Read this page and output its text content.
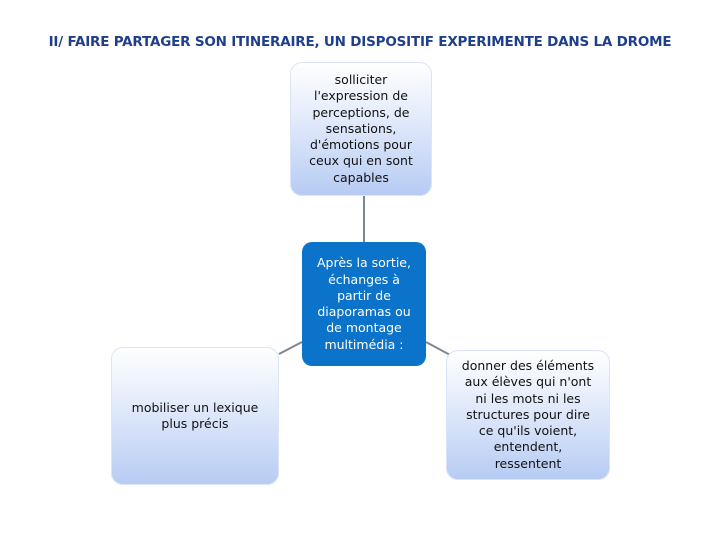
II/ FAIRE PARTAGER SON ITINERAIRE, UN DISPOSITIF EXPERIMENTE DANS LA DROME
solliciter
l'expression de
perceptions, de
sensations,
d'émotions pour
ceux qui en sont
capables
Après la sortie,
échanges à
partir de
diaporamas ou
de montage
multimédia :
mobiliser un lexique
plus précis
donner des éléments
aux élèves qui n'ont
ni les mots ni les
structures pour dire
ce qu'ils voient,
entendent,
ressentent
